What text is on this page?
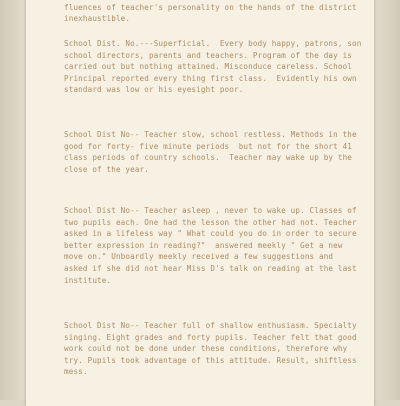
fluences of teacher's personality on the hands of the district
inexhaustible.
School Dist. No.---Superficial.  Every body happy, patrons, son
school directors, parents and teachers. Program of the day is
carried out but nothing attained. Misconduce careless. School
Principal reported every thing first class.  Evidently his own
standard was low or his eyesight poor.
School Dist No-- Teacher slow, school restless. Methods in the
good for forty- five minute periods  but not for the short 41
class periods of country schools.  Teacher may wake up by the
close of the year.
School Dist No-- Teacher asleep , never to wake up. Classes of
two pupils each. One had the lesson the other had not. Teacher
asked in a lifeless way " What could you do in order to secure
better expression in reading?"  answered meekly " Get a new
move on." Unboardly meekly received a few suggestions and
asked if she did not hear Miss D's talk on reading at the last
institute.
School Dist No-- Teacher full of shallow enthusiasm. Specialty
singing. Eight grades and forty pupils. Teacher felt that good
work could not be done under these conditions, therefore why
try. Pupils took advantage of this attitude. Result, shiftless
mess.
